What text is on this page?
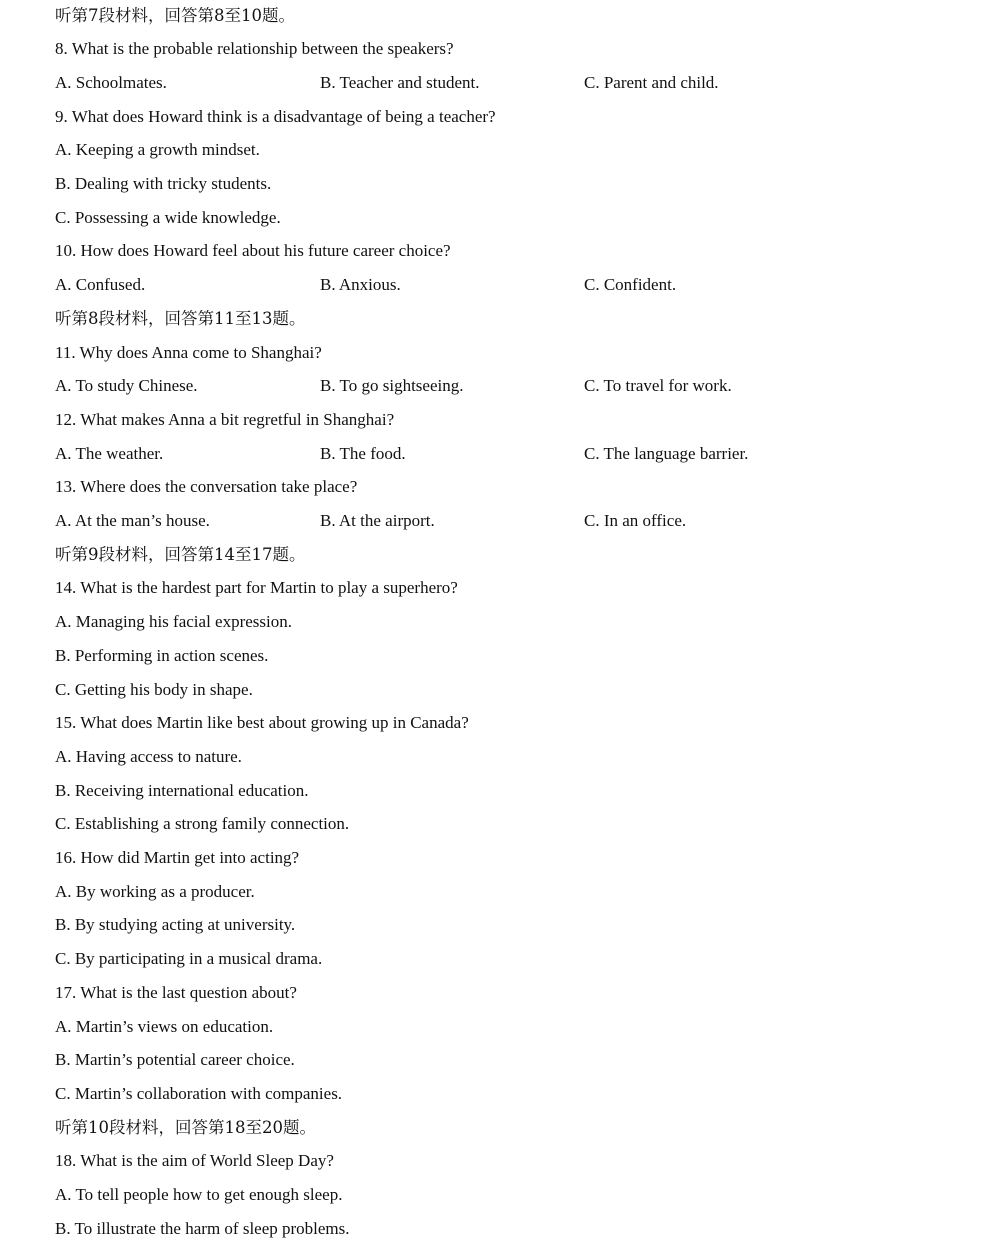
听第7段材料，回答第8至10题。
8. What is the probable relationship between the speakers?
A. Schoolmates.	B. Teacher and student.	C. Parent and child.
9. What does Howard think is a disadvantage of being a teacher?
A. Keeping a growth mindset.
B. Dealing with tricky students.
C. Possessing a wide knowledge.
10. How does Howard feel about his future career choice?
A. Confused.	B. Anxious.	C. Confident.
听第8段材料，回答第11至13题。
11. Why does Anna come to Shanghai?
A. To study Chinese.	B. To go sightseeing.	C. To travel for work.
12. What makes Anna a bit regretful in Shanghai?
A. The weather.	B. The food.	C. The language barrier.
13. Where does the conversation take place?
A. At the man’s house.	B. At the airport.	C. In an office.
听第9段材料，回答第14至17题。
14. What is the hardest part for Martin to play a superhero?
A. Managing his facial expression.
B. Performing in action scenes.
C. Getting his body in shape.
15. What does Martin like best about growing up in Canada?
A. Having access to nature.
B. Receiving international education.
C. Establishing a strong family connection.
16. How did Martin get into acting?
A. By working as a producer.
B. By studying acting at university.
C. By participating in a musical drama.
17. What is the last question about?
A. Martin’s views on education.
B. Martin’s potential career choice.
C. Martin’s collaboration with companies.
听第10段材料，回答第18至20题。
18. What is the aim of World Sleep Day?
A. To tell people how to get enough sleep.
B. To illustrate the harm of sleep problems.
